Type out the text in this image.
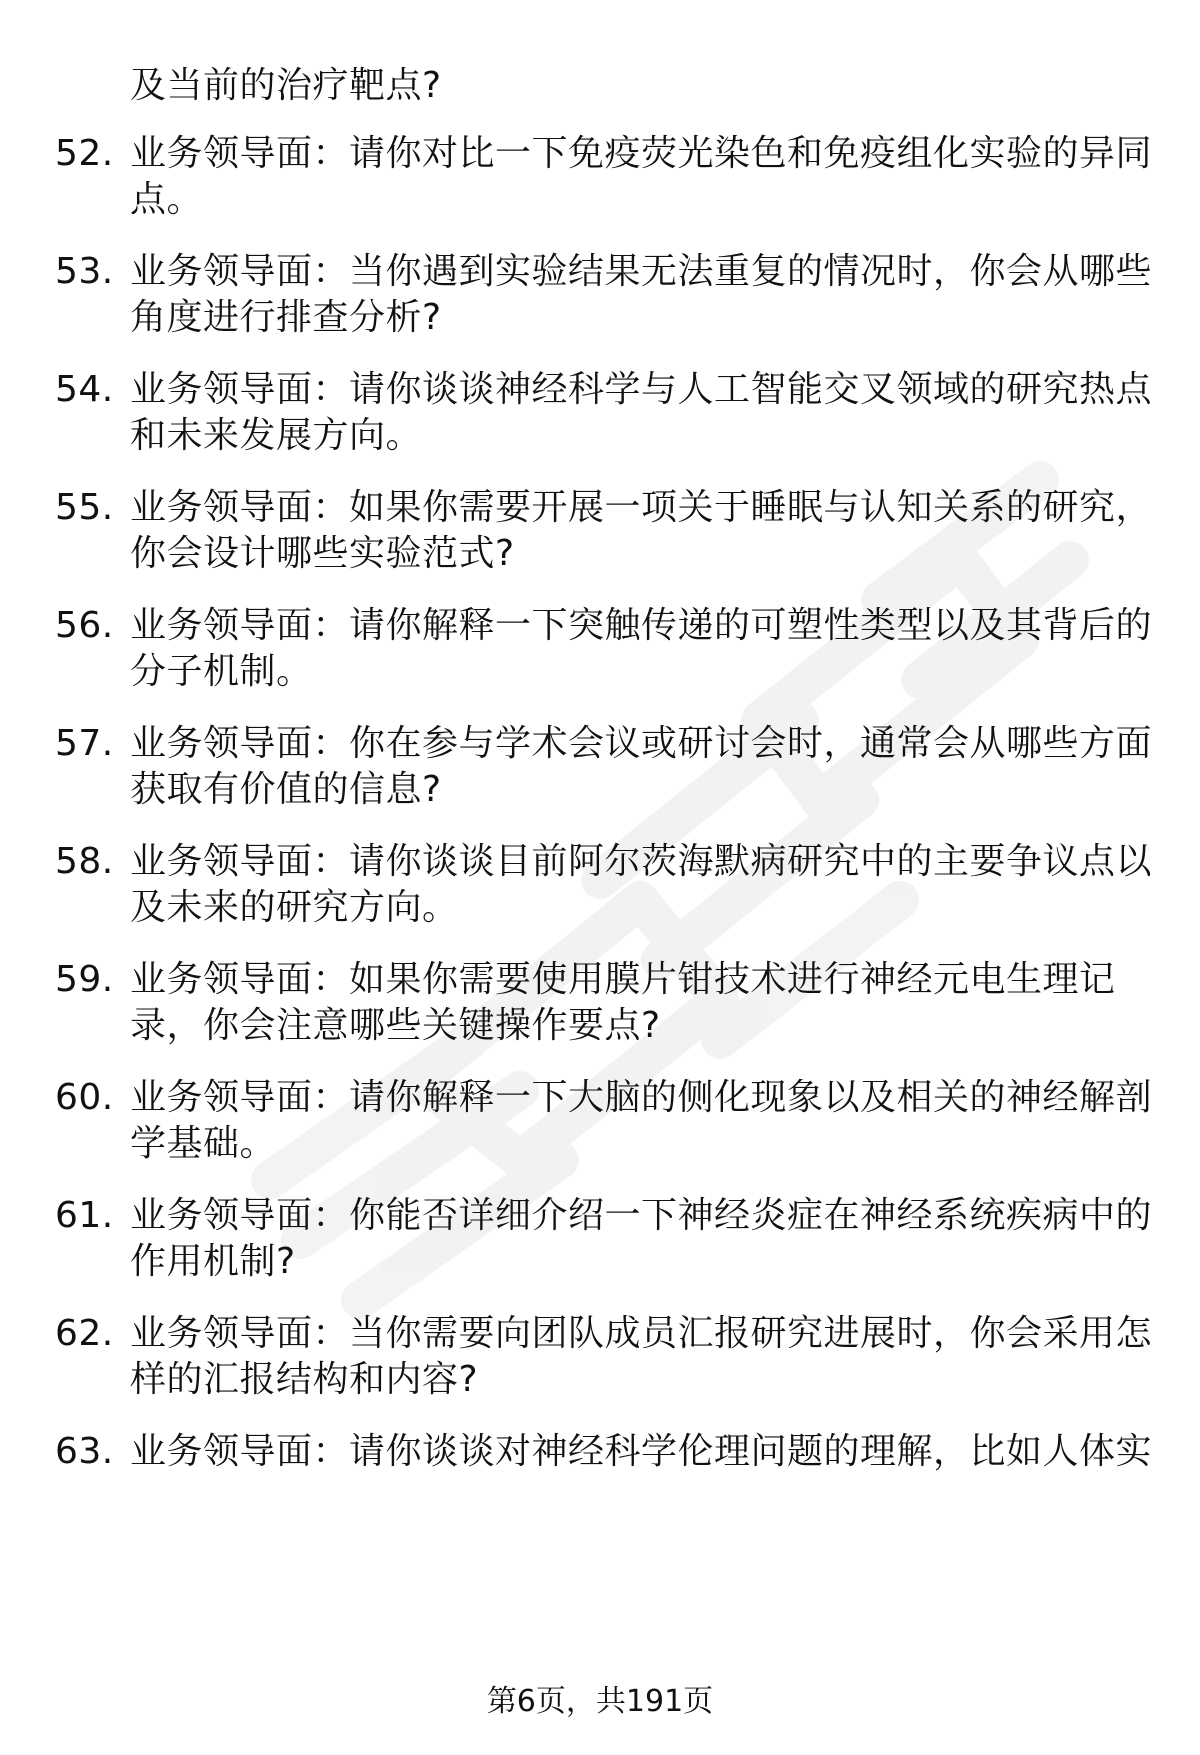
及当前的治疗靶点?
52. 业务领导面：请你对比一下免疫荧光染色和免疫组化实验的异同
点。
53. 业务领导面：当你遇到实验结果无法重复的情况时，你会从哪些
角度进行排查分析?
54. 业务领导面：请你谈谈神经科学与人工智能交叉领域的研究热点
和未来发展方向。
55. 业务领导面：如果你需要开展一项关于睡眠与认知关系的研究，
你会设计哪些实验范式?
56. 业务领导面：请你解释一下突触传递的可塑性类型以及其背后的
分子机制。
57. 业务领导面：你在参与学术会议或研讨会时，通常会从哪些方面
获取有价值的信息?
58. 业务领导面：请你谈谈目前阿尔茨海默病研究中的主要争议点以
及未来的研究方向。
59. 业务领导面：如果你需要使用膜片钳技术进行神经元电生理记
录，你会注意哪些关键操作要点?
60. 业务领导面：请你解释一下大脑的侧化现象以及相关的神经解剖
学基础。
61. 业务领导面：你能否详细介绍一下神经炎症在神经系统疾病中的
作用机制?
62. 业务领导面：当你需要向团队成员汇报研究进展时，你会采用怎
样的汇报结构和内容?
63. 业务领导面：请你谈谈对神经科学伦理问题的理解，比如人体实
第6页，共191页
